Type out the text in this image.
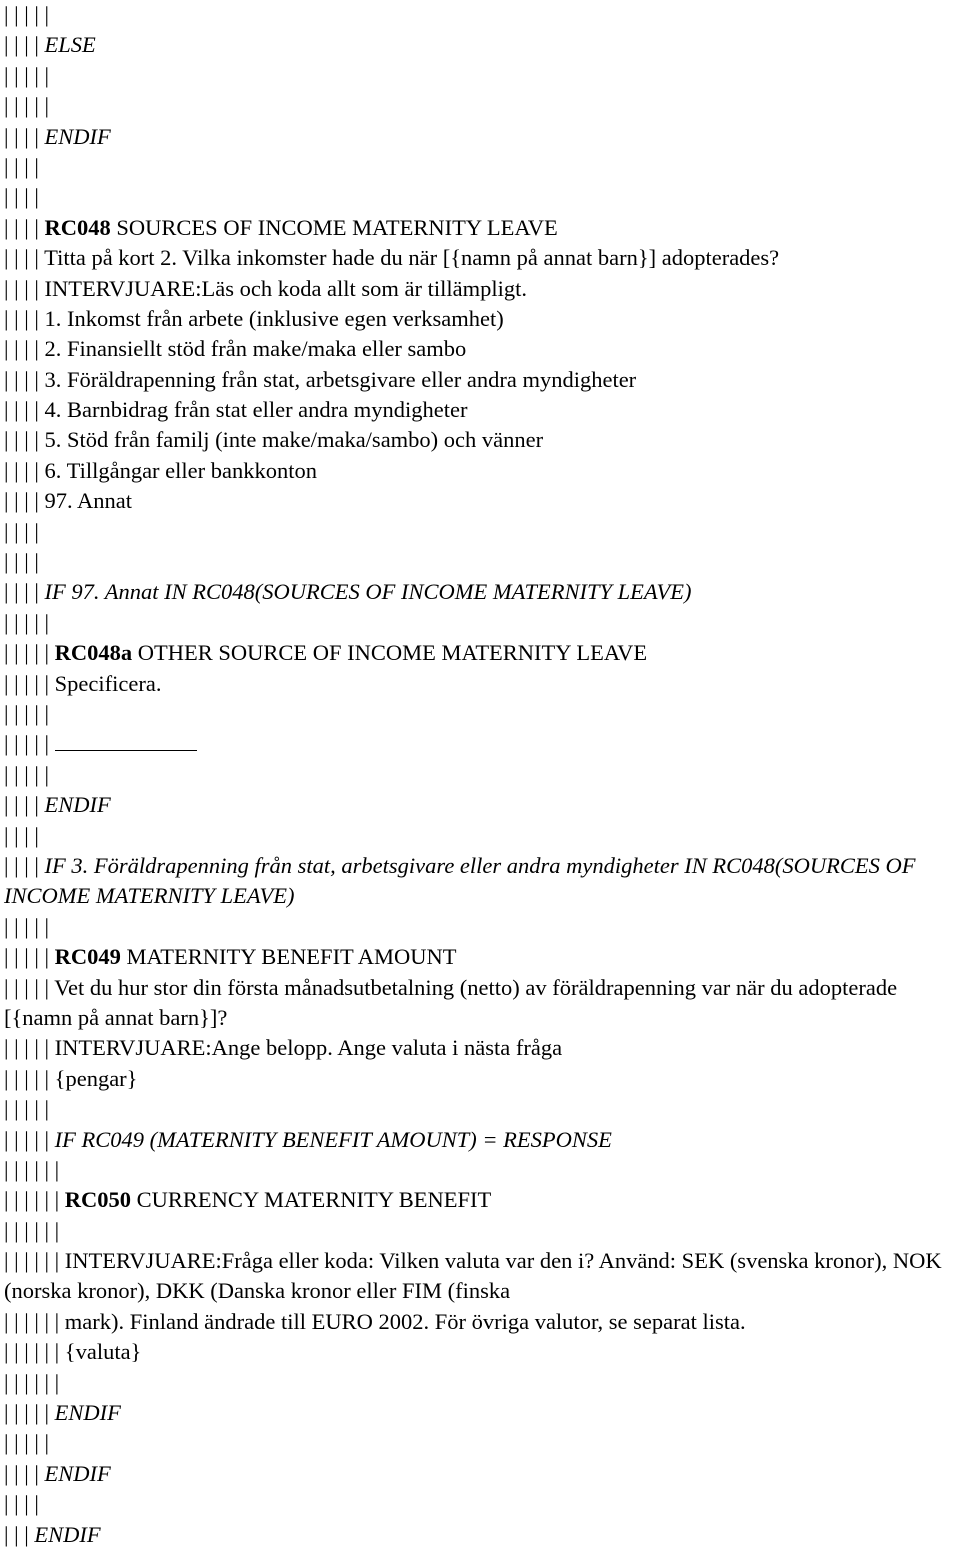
| | | | |
| | | | ELSE
| | | | |
| | | | |
| | | | ENDIF
| | | |
| | | |
| | | | RC048 SOURCES OF INCOME MATERNITY LEAVE
| | | | Titta på kort 2. Vilka inkomster hade du när [{namn på annat barn}] adopterades?
| | | | INTERVJUARE:Läs och koda allt som är tillämpligt.
| | | | 1. Inkomst från arbete (inklusive egen verksamhet)
| | | | 2. Finansiellt stöd från make/maka eller sambo
| | | | 3. Föräldrapenning från stat, arbetsgivare eller andra myndigheter
| | | | 4. Barnbidrag från stat eller andra myndigheter
| | | | 5. Stöd från familj (inte make/maka/sambo) och vänner
| | | | 6. Tillgångar eller bankkonton
| | | | 97. Annat
| | | |
| | | |
| | | | IF 97. Annat IN RC048(SOURCES OF INCOME MATERNITY LEAVE)
| | | | |
| | | | | RC048a OTHER SOURCE OF INCOME MATERNITY LEAVE
| | | | | Specificera.
| | | | |
| | | | |
| | | | |
| | | | ENDIF
| | | |
| | | | IF 3. Föräldrapenning från stat, arbetsgivare eller andra myndigheter IN RC048(SOURCES OF INCOME MATERNITY LEAVE)
| | | | |
| | | | | RC049 MATERNITY BENEFIT AMOUNT
| | | | | Vet du hur stor din första månadsutbetalning (netto) av föräldrapenning var när du adopterade [{namn på annat barn}]?
| | | | | INTERVJUARE:Ange belopp. Ange valuta i nästa fråga
| | | | | {pengar}
| | | | |
| | | | | IF RC049 (MATERNITY BENEFIT AMOUNT) = RESPONSE
| | | | | |
| | | | | | RC050 CURRENCY MATERNITY BENEFIT
| | | | | |
| | | | | | INTERVJUARE:Fråga eller koda: Vilken valuta var den i? Använd: SEK (svenska kronor), NOK (norska kronor), DKK (Danska kronor eller FIM (finska
| | | | | | mark). Finland ändrade till EURO 2002. För övriga valutor, se separat lista.
| | | | | | {valuta}
| | | | | |
| | | | | ENDIF
| | | | |
| | | | ENDIF
| | | |
| | | ENDIF
